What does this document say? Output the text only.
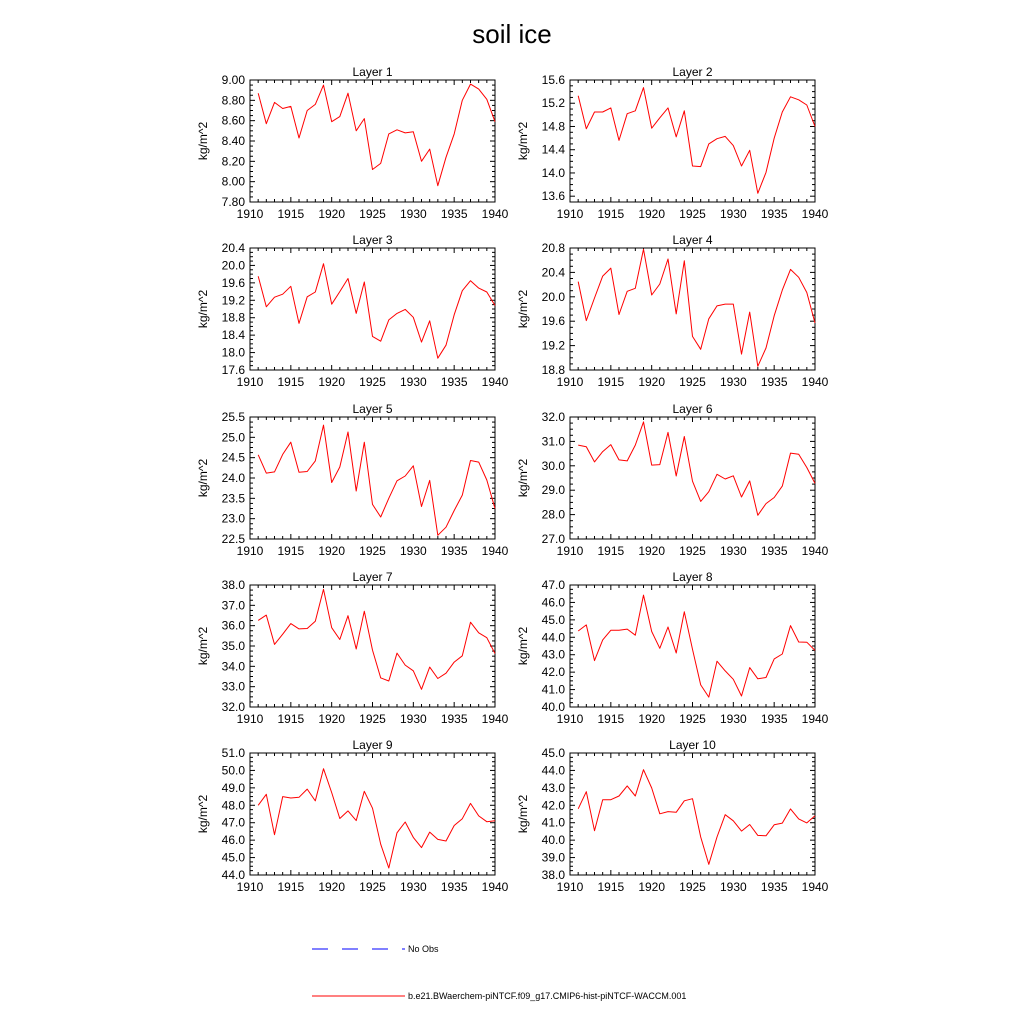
soil ice
Layer 1
kg/m^2
1910 1915 1920 1925 1930 1935 1940
7.80
8.00
8.20
8.40
8.60
8.80
9.00
Layer 2
kg/m^2
1910 1915 1920 1925 1930 1935 1940
13.6
14.0
14.4
14.8
15.2
15.6
Layer 3
kg/m^2
1910 1915 1920 1925 1930 1935 1940
17.6
18.0
18.4
18.8
19.2
19.6
20.0
20.4
Layer 4
kg/m^2
1910 1915 1920 1925 1930 1935 1940
18.8
19.2
19.6
20.0
20.4
20.8
Layer 5
kg/m^2
1910 1915 1920 1925 1930 1935 1940
22.5
23.0
23.5
24.0
24.5
25.0
25.5
Layer 6
kg/m^2
1910 1915 1920 1925 1930 1935 1940
27.0
28.0
29.0
30.0
31.0
32.0
Layer 7
kg/m^2
1910 1915 1920 1925 1930 1935 1940
32.0
33.0
34.0
35.0
36.0
37.0
38.0
Layer 8
kg/m^2
1910 1915 1920 1925 1930 1935 1940
40.0
41.0
42.0
43.0
44.0
45.0
46.0
47.0
Layer 9
kg/m^2
1910 1915 1920 1925 1930 1935 1940
44.0
45.0
46.0
47.0
48.0
49.0
50.0
51.0
Layer 10
kg/m^2
1910 1915 1920 1925 1930 1935 1940
38.0
39.0
40.0
41.0
42.0
43.0
44.0
45.0
No Obs
b.e21.BWaerchem-piNTCF.f09_g17.CMIP6-hist-piNTCF-WACCM.001
